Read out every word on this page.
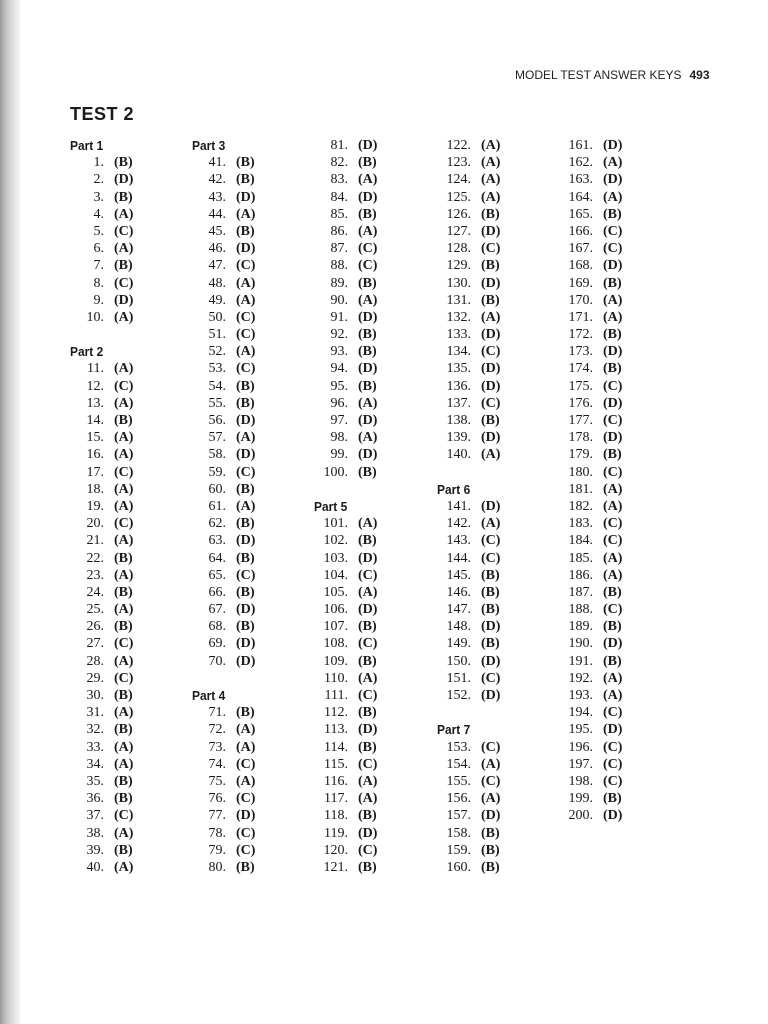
MODEL TEST ANSWER KEYS 493
TEST 2
Part 1
1. (B)
2. (D)
3. (B)
4. (A)
5. (C)
6. (A)
7. (B)
8. (C)
9. (D)
10. (A)
Part 2
11. (A)
12. (C)
13. (A)
14. (B)
15. (A)
16. (A)
17. (C)
18. (A)
19. (A)
20. (C)
21. (A)
22. (B)
23. (A)
24. (B)
25. (A)
26. (B)
27. (C)
28. (A)
29. (C)
30. (B)
31. (A)
32. (B)
33. (A)
34. (A)
35. (B)
36. (B)
37. (C)
38. (A)
39. (B)
40. (A)
Part 3
41. (B)
42. (B)
43. (D)
44. (A)
45. (B)
46. (D)
47. (C)
48. (A)
49. (A)
50. (C)
51. (C)
52. (A)
53. (C)
54. (B)
55. (B)
56. (D)
57. (A)
58. (D)
59. (C)
60. (B)
61. (A)
62. (B)
63. (D)
64. (B)
65. (C)
66. (B)
67. (D)
68. (B)
69. (D)
70. (D)
Part 4
71. (B)
72. (A)
73. (A)
74. (C)
75. (A)
76. (C)
77. (D)
78. (C)
79. (C)
80. (B)
81. (D)
82. (B)
83. (A)
84. (D)
85. (B)
86. (A)
87. (C)
88. (C)
89. (B)
90. (A)
91. (D)
92. (B)
93. (B)
94. (D)
95. (B)
96. (A)
97. (D)
98. (A)
99. (D)
100. (B)
Part 5
101. (A)
102. (B)
103. (D)
104. (C)
105. (A)
106. (D)
107. (B)
108. (C)
109. (B)
110. (A)
111. (C)
112. (B)
113. (D)
114. (B)
115. (C)
116. (A)
117. (A)
118. (B)
119. (D)
120. (C)
121. (B)
122. (A)
123. (A)
124. (A)
125. (A)
126. (B)
127. (D)
128. (C)
129. (B)
130. (D)
131. (B)
132. (A)
133. (D)
134. (C)
135. (D)
136. (D)
137. (C)
138. (B)
139. (D)
140. (A)
Part 6
141. (D)
142. (A)
143. (C)
144. (C)
145. (B)
146. (B)
147. (B)
148. (D)
149. (B)
150. (D)
151. (C)
152. (D)
Part 7
153. (C)
154. (A)
155. (C)
156. (A)
157. (D)
158. (B)
159. (B)
160. (B)
161. (D)
162. (A)
163. (D)
164. (A)
165. (B)
166. (C)
167. (C)
168. (D)
169. (B)
170. (A)
171. (A)
172. (B)
173. (D)
174. (B)
175. (C)
176. (D)
177. (C)
178. (D)
179. (B)
180. (C)
181. (A)
182. (A)
183. (C)
184. (C)
185. (A)
186. (A)
187. (B)
188. (C)
189. (B)
190. (D)
191. (B)
192. (A)
193. (A)
194. (C)
195. (D)
196. (C)
197. (C)
198. (C)
199. (B)
200. (D)
